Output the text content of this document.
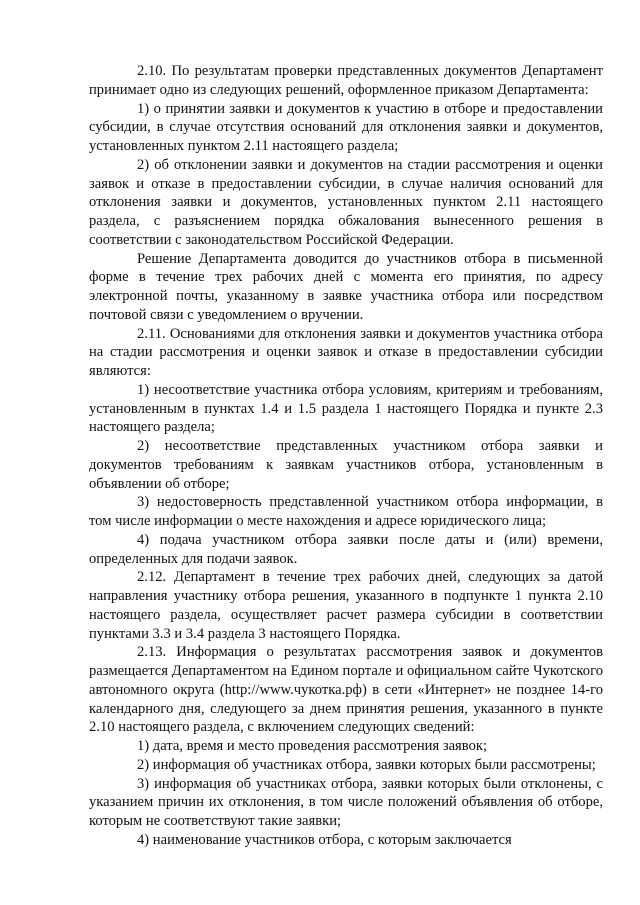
2.10. По результатам проверки представленных документов Департамент принимает одно из следующих решений, оформленное приказом Департамента:

1) о принятии заявки и документов к участию в отборе и предоставлении субсидии, в случае отсутствия оснований для отклонения заявки и документов, установленных пунктом 2.11 настоящего раздела;

2) об отклонении заявки и документов на стадии рассмотрения и оценки заявок и отказе в предоставлении субсидии, в случае наличия оснований для отклонения заявки и документов, установленных пунктом 2.11 настоящего раздела, с разъяснением порядка обжалования вынесенного решения в соответствии с законодательством Российской Федерации.

Решение Департамента доводится до участников отбора в письменной форме в течение трех рабочих дней с момента его принятия, по адресу электронной почты, указанному в заявке участника отбора или посредством почтовой связи с уведомлением о вручении.

2.11. Основаниями для отклонения заявки и документов участника отбора на стадии рассмотрения и оценки заявок и отказе в предоставлении субсидии являются:

1) несоответствие участника отбора условиям, критериям и требованиям, установленным в пунктах 1.4 и 1.5 раздела 1 настоящего Порядка и пункте 2.3 настоящего раздела;

2) несоответствие представленных участником отбора заявки и документов требованиям к заявкам участников отбора, установленным в объявлении об отборе;

3) недостоверность представленной участником отбора информации, в том числе информации о месте нахождения и адресе юридического лица;

4) подача участником отбора заявки после даты и (или) времени, определенных для подачи заявок.

2.12. Департамент в течение трех рабочих дней, следующих за датой направления участнику отбора решения, указанного в подпункте 1 пункта 2.10 настоящего раздела, осуществляет расчет размера субсидии в соответствии пунктами 3.3 и 3.4 раздела 3 настоящего Порядка.

2.13. Информация о результатах рассмотрения заявок и документов размещается Департаментом на Едином портале и официальном сайте Чукотского автономного округа (http://www.чукотка.рф) в сети «Интернет» не позднее 14-го календарного дня, следующего за днем принятия решения, указанного в пункте 2.10 настоящего раздела, с включением следующих сведений:

1) дата, время и место проведения рассмотрения заявок;

2) информация об участниках отбора, заявки которых были рассмотрены;

3) информация об участниках отбора, заявки которых были отклонены, с указанием причин их отклонения, в том числе положений объявления об отборе, которым не соответствуют такие заявки;

4) наименование участников отбора, с которым заключается
